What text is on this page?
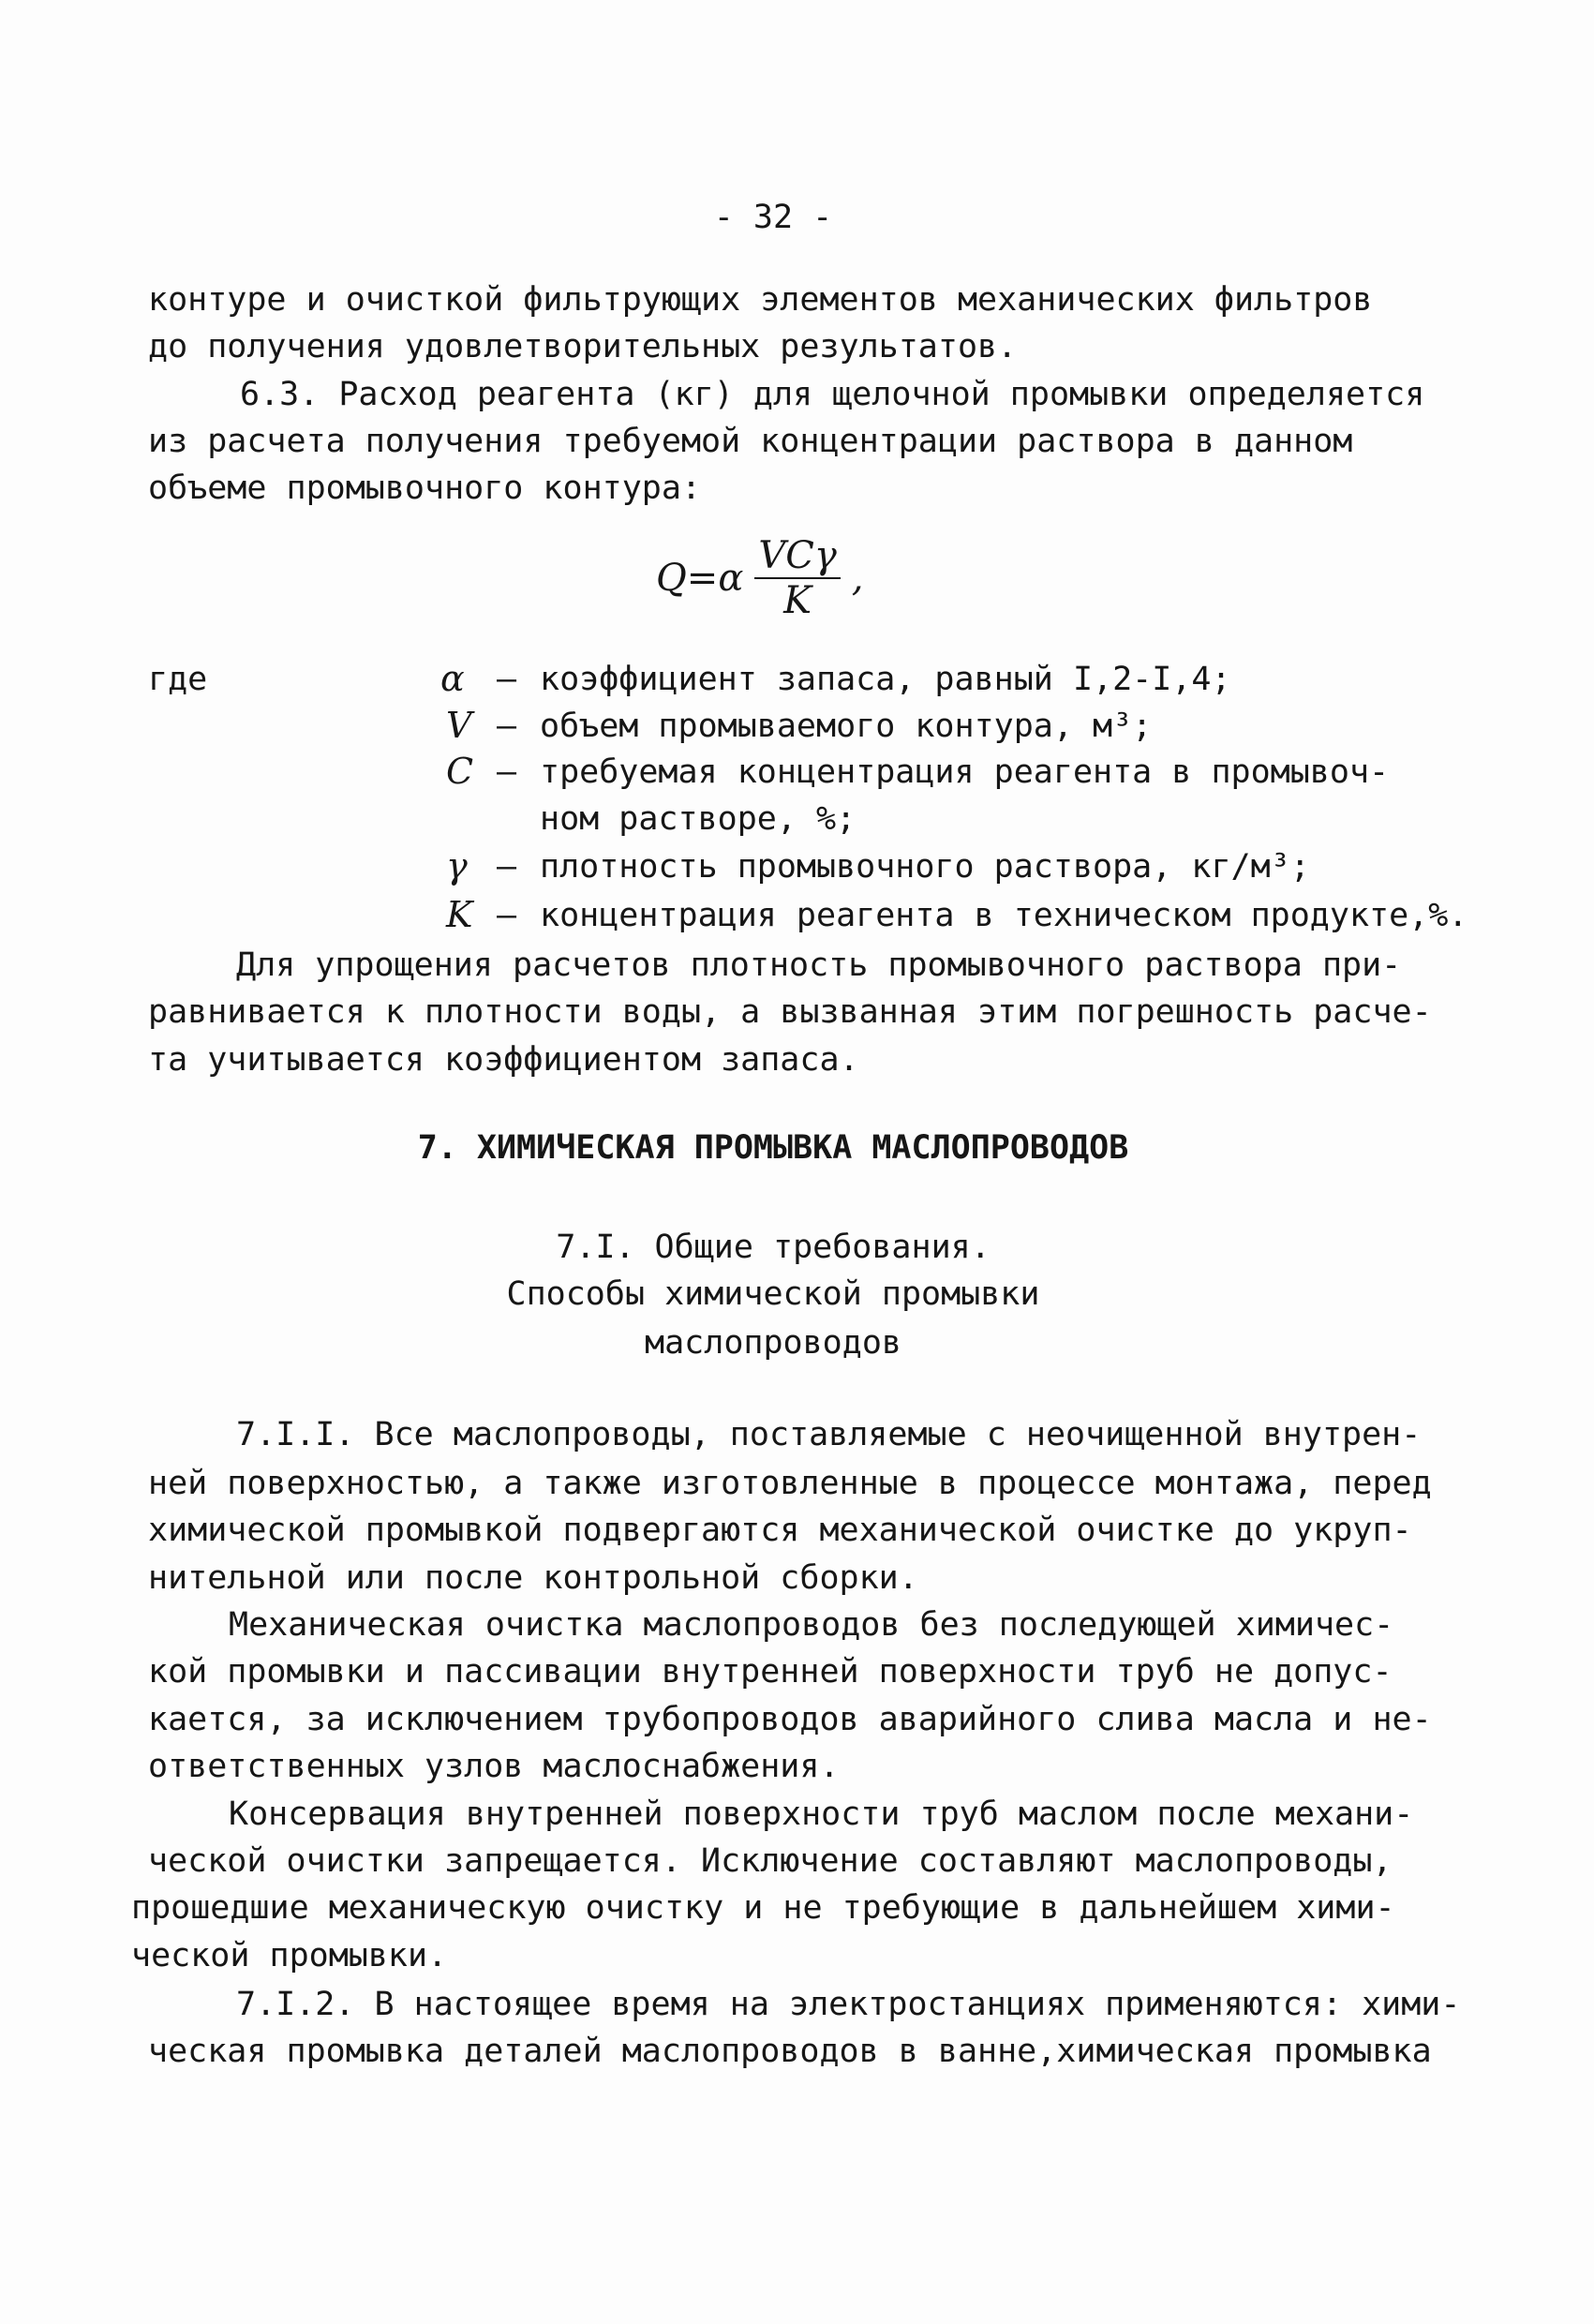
- 32 -
контуре и очисткой фильтрующих элементов механических фильтров
до получения удовлетворительных результатов.
6.3. Расход реагента (кг) для щелочной промывки определяется
из расчета получения требуемой концентрации раствора в данном
объеме промывочного контура:
Q = α $\frac{\text{VCγ}}{K}$ ,
где	α – коэффициент запаса, равный I,2-I,4;
V – объем промываемого контура, м³;
C – требуемая концентрация реагента в промывоч-
ном растворе, %;
γ – плотность промывочного раствора, кг/м³;
K – концентрация реагента в техническом продукте,%.
Для упрощения расчетов плотность промывочного раствора при-
равнивается к плотности воды, а вызванная этим погрешность расче-
та учитывается коэффициентом запаса.
7. ХИМИЧЕСКАЯ ПРОМЫВКА МАСЛОПРОВОДОВ
7.I. Общие требования.
Способы химической промывки
маслопроводов
7.I.I. Все маслопроводы, поставляемые с неочищенной внутрен-
ней поверхностью, а также изготовленные в процессе монтажа, перед
химической промывкой подвергаются механической очистке до укруп-
нительной или после контрольной сборки.
Механическая очистка маслопроводов без последующей химичес-
кой промывки и пассивации внутренней поверхности труб не допус-
кается, за исключением трубопроводов аварийного слива масла и не-
ответственных узлов маслоснабжения.
Консервация внутренней поверхности труб маслом после механи-
ческой очистки запрещается. Исключение составляют маслопроводы,
прошедшие механическую очистку и не требующие в дальнейшем хими-
ческой промывки.
7.I.2. В настоящее время на электростанциях применяются: хими-
ческая промывка деталей маслопроводов в ванне,химическая промывка
